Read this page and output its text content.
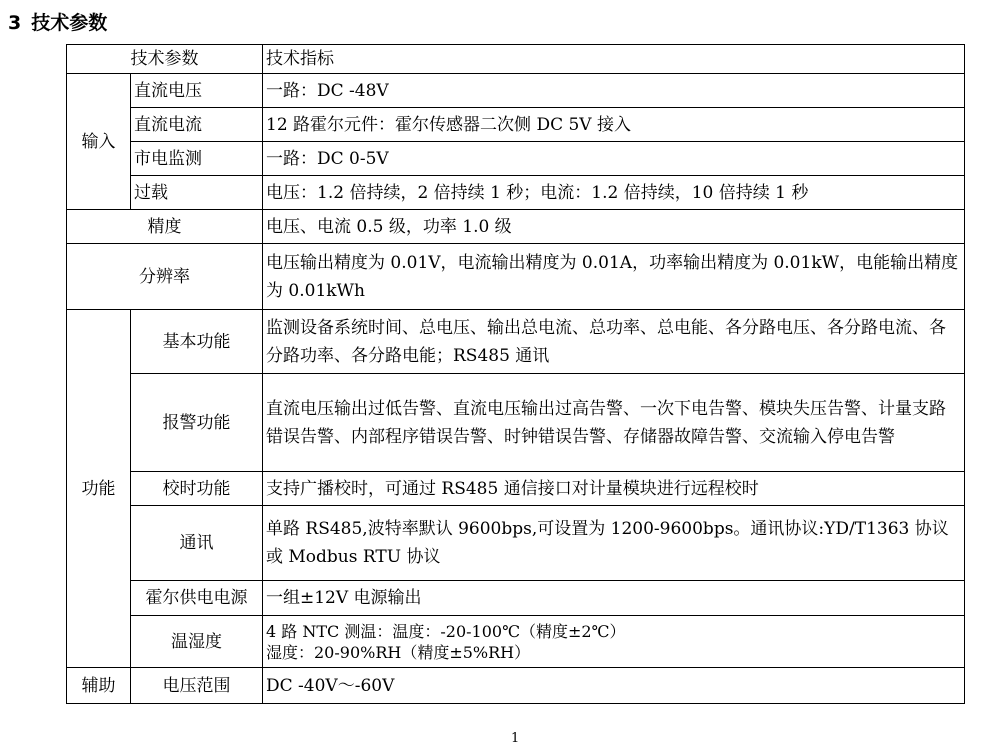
3 技术参数
技术参数		技术指标
输入	直流电压	一路：DC -48V
	直流电流	12 路霍尔元件：霍尔传感器二次侧 DC 5V 接入
	市电监测	一路：DC 0-5V
	过载	电压：1.2 倍持续，2 倍持续 1 秒；电流：1.2 倍持续，10 倍持续 1 秒
精度		电压、电流 0.5 级，功率 1.0 级
分辨率		电压输出精度为 0.01V，电流输出精度为 0.01A，功率输出精度为 0.01kW，电能输出精度为 0.01kWh
功能	基本功能	监测设备系统时间、总电压、输出总电流、总功率、总电能、各分路电压、各分路电流、各分路功率、各分路电能；RS485 通讯
	报警功能	直流电压输出过低告警、直流电压输出过高告警、一次下电告警、模块失压告警、计量支路错误告警、内部程序错误告警、时钟错误告警、存储器故障告警、交流输入停电告警
	校时功能	支持广播校时，可通过 RS485 通信接口对计量模块进行远程校时
	通讯	单路 RS485,波特率默认 9600bps,可设置为 1200-9600bps。通讯协议:YD/T1363 协议或 Modbus RTU 协议
	霍尔供电电源	一组±12V 电源输出
	温湿度	4 路 NTC 测温：温度：-20-100℃（精度±2℃）
湿度：20-90%RH（精度±5%RH）

辅助	电压范围	DC -40V～-60V
1
